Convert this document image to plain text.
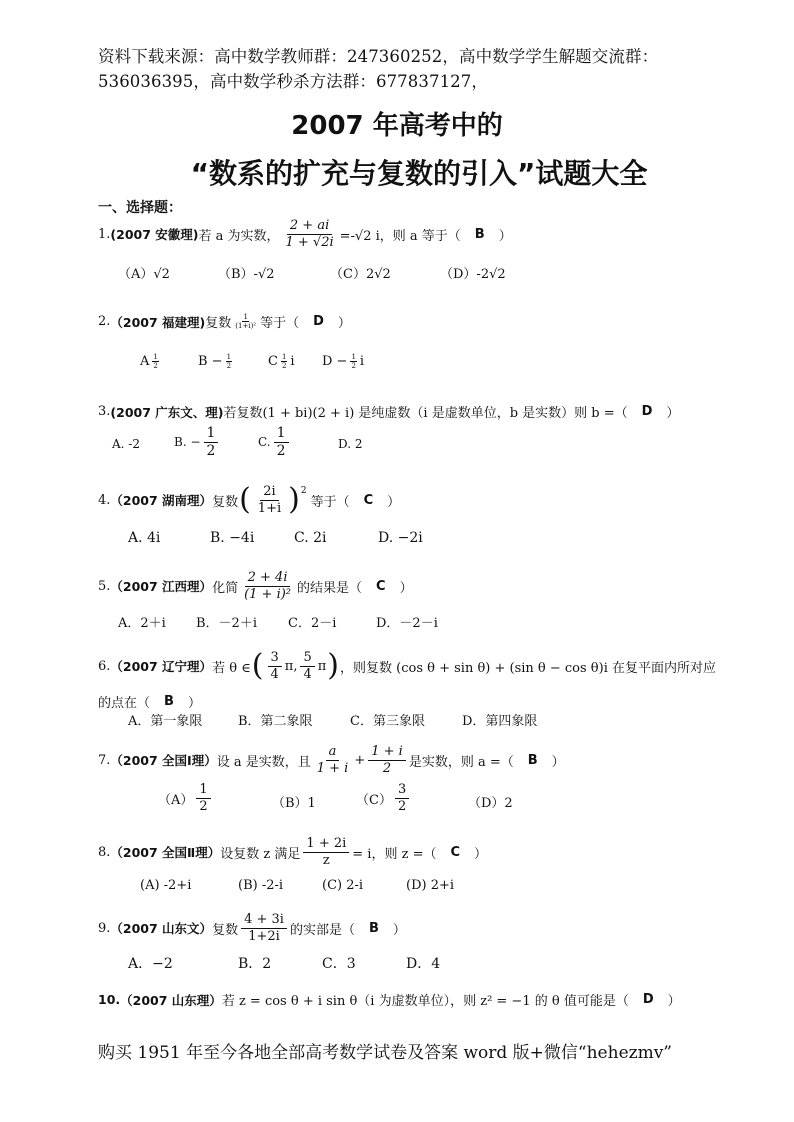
资料下载来源：高中数学教师群：247360252，高中数学学生解题交流群：
536036395，高中数学秒杀方法群：677837127，
2007 年高考中的
“数系的扩充与复数的引入”试题大全
一、选择题：
1. (2007 安徽理) 若 a 为实数， $\frac{2 + ai}{1 + √2i} =-√2$ i，则 a 等于（ B ）
（A）√2	（B）-√2	（C）2√2	（D）-2√2
2. （2007 福建理) 复数 $\frac{1}{\text{(1+i)²}}$ 等于（ D ）
A $\frac{1}{2}$	$B - \frac{1}{2}$	C $\frac{1}{2}$ i $D - \frac{1}{2}$ i
3. (2007 广东文、理) 若复数(1 + bi)(2 + i) 是纯虚数（i 是虚数单位，b 是实数）则 b =（ D ）
A. -2	B. − $\frac{1}{2}$	C. $\frac{1}{2}$	D. 2
4. （2007 湖南理） 复数 ( $\frac{2i}{1+i} )^2$
等于（ C ）
A. 4i	B. −4i	C. 2i	D. −2i
5. （2007 江西理） 化简 $\frac{2 + 4i}{\text{(1 + i)²}}$ 的结果是（ C ）
A．2＋i B．－2＋i C．2－i	D．－2－i
6. （2007 辽宁理） 若 θ ∈ ( $\frac{3}{4} \pi$, $\frac{5}{4}$ π ) ，则复数 (cos θ + sin θ) + (sin θ − cos θ)i 在复平面内所对应
的点在（ B ）
A．第一象限	B．第二象限	C．第三象限	D．第四象限
7. （2007 全国Ⅰ理） 设 a 是实数，且 $\frac{a}{1 + i} + \frac{1 + i}{2}$ 是实数，则 a =（ B ）
$(A) \frac{1}{2}$	（B）1	$(C) \frac{3}{2}$	（D）2
8. （2007 全国Ⅱ理） 设复数 z 满足 $\frac{1 + 2i}{z} = i$，则 z =（ C ）
(A) -2+i	(B) -2-i	(C) 2-i	(D) 2+i
9. （2007 山东文） 复数 $\frac{4 + 3i}{1+2i}$ 的实部是（ B ）
A．−2	B．2	C．3	D．4
10. （2007 山东理） 若 z = cos θ + i sin θ（i 为虚数单位），则 z² = −1 的 θ 值可能是（ D ）
购买 1951 年至今各地全部高考数学试卷及答案 word 版+微信“hehezmv”
